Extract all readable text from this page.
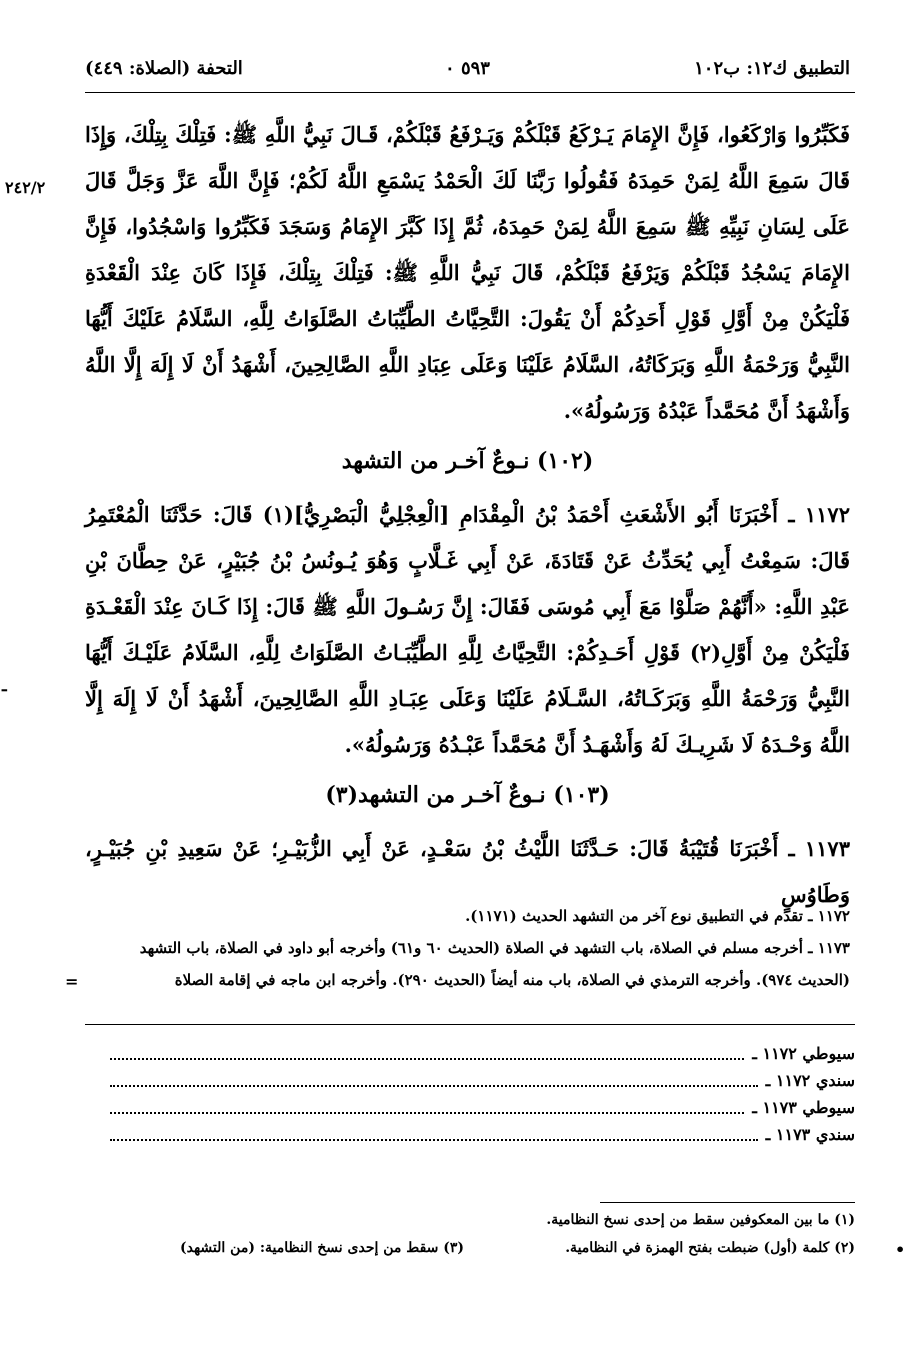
التطبيق ك١٢: ب١٠٢
٥٩٣ ٠
التحفة (الصلاة: ٤٤٩)
٢٤٢/٢
ـ
=

فَكَبِّرُوا وَارْكَعُوا، فَإِنَّ الإِمَامَ يَـرْكَعُ قَبْلَكُمْ وَيَـرْفَعُ قَبْلَكُمْ، قَـالَ نَبِيُّ اللَّهِ ﷺ: فَتِلْكَ بِتِلْكَ، وَإِذَا قَالَ سَمِعَ اللَّهُ لِمَنْ حَمِدَهُ فَقُولُوا رَبَّنَا لَكَ الْحَمْدُ يَسْمَعِ اللَّهُ لَكُمْ؛ فَإِنَّ اللَّهَ عَزَّ وَجَلَّ قَالَ عَلَى لِسَانِ نَبِيِّهِ ﷺ سَمِعَ اللَّهُ لِمَنْ حَمِدَهُ، ثُمَّ إِذَا كَبَّرَ الإِمَامُ وَسَجَدَ فَكَبِّرُوا وَاسْجُدُوا، فَإِنَّ الإِمَامَ يَسْجُدُ قَبْلَكُمْ وَيَرْفَعُ قَبْلَكُمْ، قَالَ نَبِيُّ اللَّهِ ﷺ: فَتِلْكَ بِتِلْكَ، فَإِذَا كَانَ عِنْدَ الْقَعْدَةِ فَلْيَكُنْ مِنْ أَوَّلِ قَوْلِ أَحَدِكُمْ أَنْ يَقُولَ: التَّحِيَّاتُ الطَّيِّبَاتُ الصَّلَوَاتُ لِلَّهِ، السَّلَامُ عَلَيْكَ أَيُّهَا النَّبِيُّ وَرَحْمَةُ اللَّهِ وَبَرَكَاتُهُ، السَّلَامُ عَلَيْنَا وَعَلَى عِبَادِ اللَّهِ الصَّالِحِينَ، أَشْهَدُ أَنْ لَا إِلَهَ إِلَّا اللَّهُ وَأَشْهَدُ أَنَّ مُحَمَّداً عَبْدُهُ وَرَسُولُهُ».

(١٠٢) نـوعٌ آخـر من التشهد

١١٧٢ ـ أَخْبَرَنَا أَبُو الأَشْعَثِ أَحْمَدُ بْنُ الْمِقْدَامِ [الْعِجْلِيُّ الْبَصْرِيُّ](١) قَالَ: حَدَّثَنَا الْمُعْتَمِرُ قَالَ: سَمِعْتُ أَبِي يُحَدِّثُ عَنْ قَتَادَةَ، عَنْ أَبِي غَـلَّابٍ وَهُوَ يُـونُسُ بْنُ جُبَيْرٍ، عَنْ حِطَّانَ بْنِ عَبْدِ اللَّهِ: «أَنَّهُمْ صَلَّوْا مَعَ أَبِي مُوسَى فَقَالَ: إِنَّ رَسُـولَ اللَّهِ ﷺ قَالَ: إِذَا كَـانَ عِنْدَ الْقَعْـدَةِ فَلْيَكُنْ مِنْ أَوَّلِ(٢) قَوْلِ أَحَـدِكُمْ: التَّحِيَّاتُ لِلَّهِ الطَّيِّبَـاتُ الصَّلَوَاتُ لِلَّهِ، السَّلَامُ عَلَيْـكَ أَيُّهَا النَّبِيُّ وَرَحْمَةُ اللَّهِ وَبَرَكَـاتُهُ، السَّـلَامُ عَلَيْنَا وَعَلَى عِبَـادِ اللَّهِ الصَّالِحِينَ، أَشْهَدُ أَنْ لَا إِلَهَ إِلَّا اللَّهُ وَحْـدَهُ لَا شَرِيـكَ لَهُ وَأَشْهَـدُ أَنَّ مُحَمَّداً عَبْـدُهُ وَرَسُولُهُ».

(١٠٣) نـوعٌ آخـر من التشهد(٣)

١١٧٣ ـ أَخْبَرَنَا قُتَيْبَةُ قَالَ: حَـدَّثَنَا اللَّيْثُ بْنُ سَعْـدٍ، عَنْ أَبِي الزُّبَيْـرِ؛ عَنْ سَعِيدِ بْنِ جُبَيْـرٍ، وَطَاوُسٍ

١١٧٢ ـ تقدم في التطبيق نوع آخر من التشهد الحديث (١١٧١).

١١٧٣ ـ أخرجه مسلم في الصلاة، باب التشهد في الصلاة (الحديث ٦٠ و٦١) وأخرجه أبو داود في الصلاة، باب التشهد (الحديث ٩٧٤). وأخرجه الترمذي في الصلاة، باب منه أيضاً (الحديث ٢٩٠). وأخرجه ابن ماجه في إقامة الصلاة

سيوطي ١١٧٢ ـ
سندي ١١٧٢ ـ
سيوطي ١١٧٣ ـ
سندي ١١٧٣ ـ
(١) ما بين المعكوفين سقط من إحدى نسخ النظامية.
(٢) كلمة (أول) ضبطت بفتح الهمزة في النظامية.
(٣) سقط من إحدى نسخ النظامية: (من التشهد)	•
